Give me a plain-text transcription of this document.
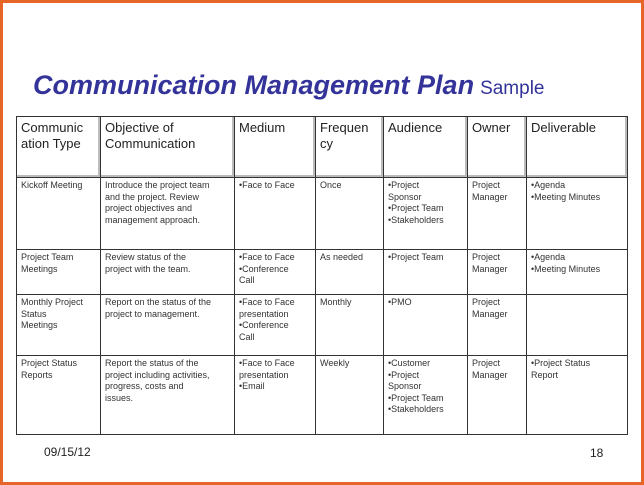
Communication Management Plan Sample
Communic ation Type	Objective of Communication	Medium	Frequen cy	Audience	Owner	Deliverable

Kickoff Meeting	Introduce the project team
and the project. Review
project objectives and
management approach.	•Face to Face	Once	•Project
Sponsor
•Project Team
•Stakeholders	Project
Manager	•Agenda
•Meeting Minutes

Project Team
Meetings	Review status of the
project with the team.	•Face to Face
•Conference
Call	As needed	•Project Team	Project
Manager	•Agenda
•Meeting Minutes

Monthly Project
Status
Meetings	Report on the status of the
project to management.	•Face to Face
presentation
•Conference
Call	Monthly	•PMO	Project
Manager	

Project Status
Reports	Report the status of the
project including activities,
progress, costs and
issues.	•Face to Face
presentation
•Email	Weekly	•Customer
•Project
Sponsor
•Project Team
•Stakeholders	Project
Manager	•Project Status
Report
09/15/12	18
